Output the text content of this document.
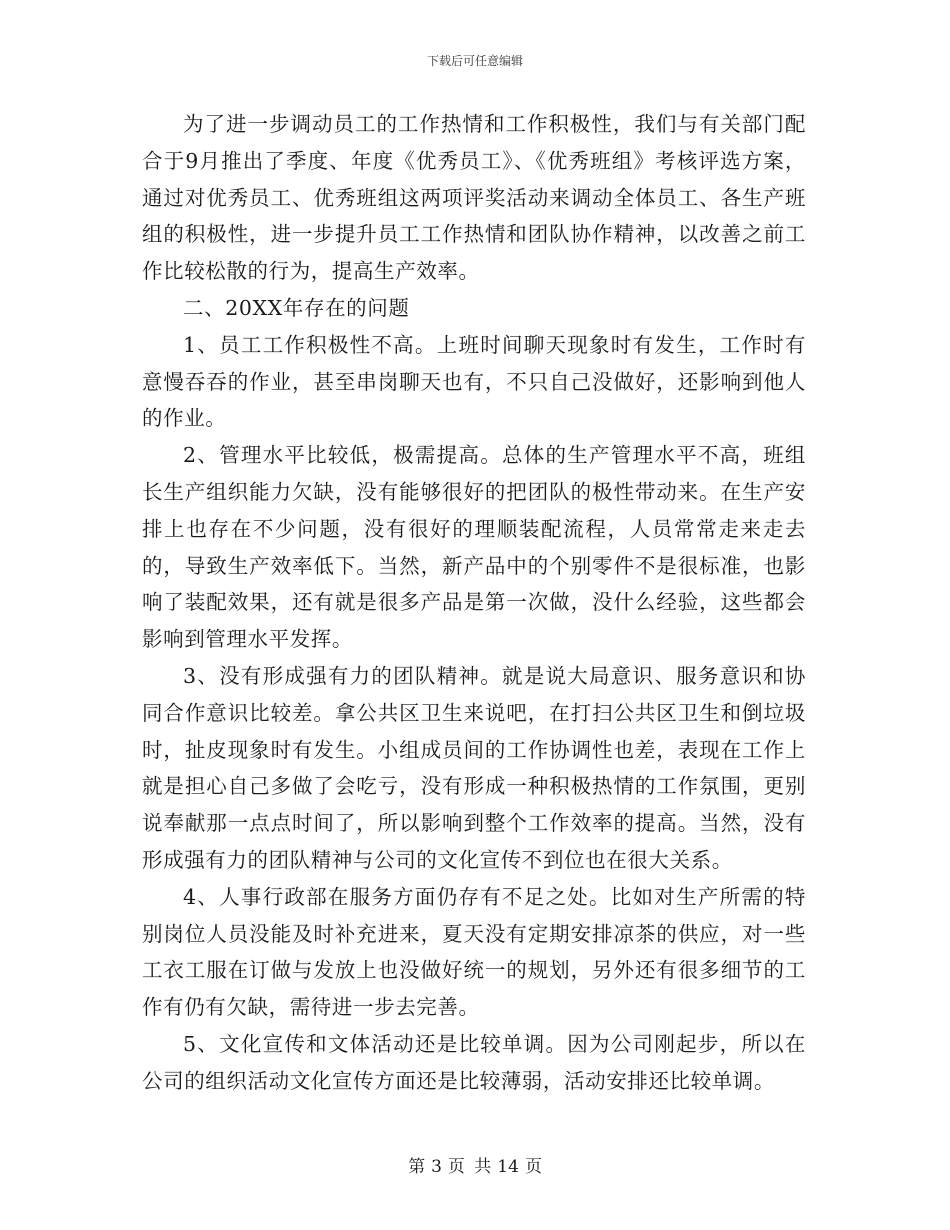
下载后可任意编辑

为了进一步调动员工的工作热情和工作积极性，我们与有关部门配合于9月推出了季度、年度《优秀员工》、《优秀班组》考核评选方案，通过对优秀员工、优秀班组这两项评奖活动来调动全体员工、各生产班组的积极性，进一步提升员工工作热情和团队协作精神，以改善之前工作比较松散的行为，提高生产效率。

二、20XX年存在的问题

1、员工工作积极性不高。上班时间聊天现象时有发生，工作时有意慢吞吞的作业，甚至串岗聊天也有，不只自己没做好，还影响到他人的作业。

2、管理水平比较低，极需提高。总体的生产管理水平不高，班组长生产组织能力欠缺，没有能够很好的把团队的极性带动来。在生产安排上也存在不少问题，没有很好的理顺装配流程，人员常常走来走去的，导致生产效率低下。当然，新产品中的个别零件不是很标准，也影响了装配效果，还有就是很多产品是第一次做，没什么经验，这些都会影响到管理水平发挥。

3、没有形成强有力的团队精神。就是说大局意识、服务意识和协同合作意识比较差。拿公共区卫生来说吧，在打扫公共区卫生和倒垃圾时，扯皮现象时有发生。小组成员间的工作协调性也差，表现在工作上就是担心自己多做了会吃亏，没有形成一种积极热情的工作氛围，更别说奉献那一点点时间了，所以影响到整个工作效率的提高。当然，没有形成强有力的团队精神与公司的文化宣传不到位也在很大关系。

4、人事行政部在服务方面仍存有不足之处。比如对生产所需的特别岗位人员没能及时补充进来，夏天没有定期安排凉茶的供应，对一些工衣工服在订做与发放上也没做好统一的规划，另外还有很多细节的工作有仍有欠缺，需待进一步去完善。

5、文化宣传和文体活动还是比较单调。因为公司刚起步，所以在公司的组织活动文化宣传方面还是比较薄弱，活动安排还比较单调。

第 3 页 共 14 页
